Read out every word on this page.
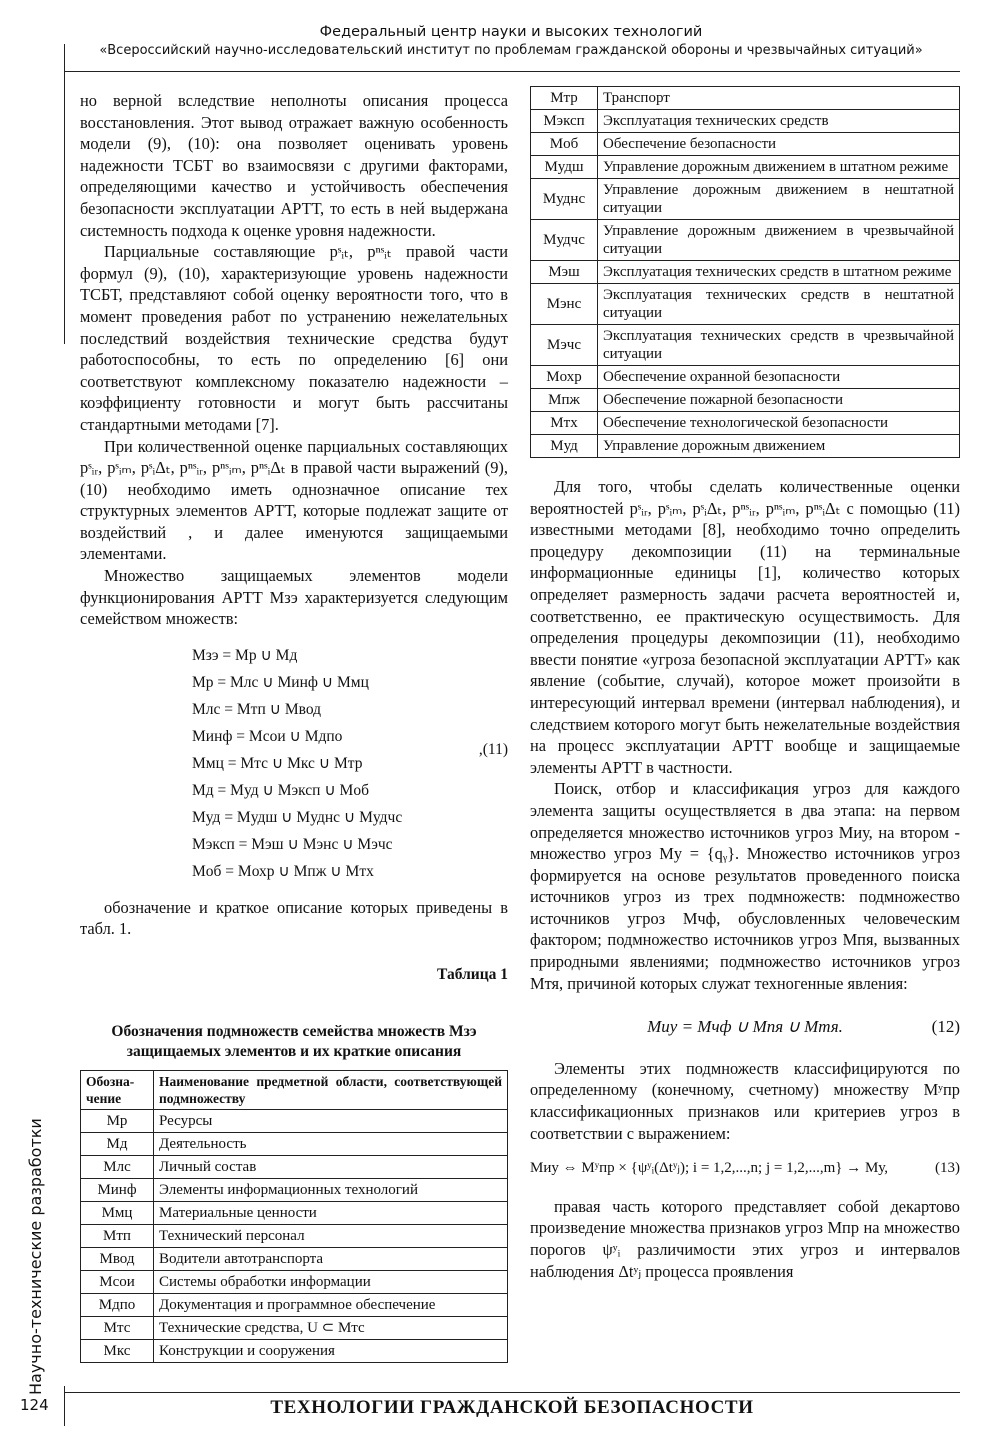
Федеральный центр науки и высоких технологий
«Всероссийский научно-исследовательский институт по проблемам гражданской обороны и чрезвычайных ситуаций»
Научно-технические разработки

но верной вследствие неполноты описания процесса восстановления. Этот вывод отражает важную особенность модели (9), (10): она позволяет оценивать уровень надежности ТСБТ во взаимосвязи с другими факторами, определяющими качество и устойчивость обеспечения безопасности эксплуатации АРТТ, то есть в ней выдержана системность подхода к оценке уровня надежности.

Парциальные составляющие pˢᵢₜ, pⁿˢᵢₜ правой части формул (9), (10), характеризующие уровень надежности ТСБТ, представляют собой оценку вероятности того, что в момент проведения работ по устранению нежелательных последствий воздействия технические средства будут работоспособны, то есть по определению [6] они соответствуют комплексному показателю надежности – коэффициенту готовности и могут быть рассчитаны стандартными методами [7].

При количественной оценке парциальных составляющих pˢᵢᵣ, pˢᵢₘ, pˢᵢΔₜ, pⁿˢᵢᵣ, pⁿˢᵢₘ, pⁿˢᵢΔₜ в правой части выражений (9), (10) необходимо иметь однозначное описание тех структурных элементов АРТТ, которые подлежат защите от воздействий , и далее именуются защищаемыми элементами.

Множество защищаемых элементов модели функционирования АРТТ Mзэ характеризуется следующим семейством множеств:

Mзэ = Mр ∪ Mд
Mр = Mлс ∪ Mинф ∪ Mмц
Mлс = Mтп ∪ Mвод
Mинф = Mсои ∪ Mдпо
Mмц = Mтс ∪ Mкс ∪ Mтр
Mд = Mуд ∪ Mэксп ∪ Mоб
Mуд = Mудш ∪ Mуднс ∪ Mудчс
Mэксп = Mэш ∪ Mэнс ∪ Mэчс
Mоб = Mохр ∪ Mпж ∪ Mтх
,(11)

обозначение и краткое описание которых приведены в табл. 1.

Таблица 1
Обозначения подмножеств семейства множеств Mзэ
защищаемых элементов и их краткие описания
Обозна-чение	Наименование предметной области, соответствующей подмножеству
Mр	Ресурсы
Mд	Деятельность
Mлс	Личный состав
Mинф	Элементы информационных технологий
Mмц	Материальные ценности
Mтп	Технический персонал
Mвод	Водители автотранспорта
Mсои	Системы обработки информации
Mдпо	Документация и программное обеспечение
Mтс	Технические средства, U ⊂ Mтс
Mкс	Конструкции и сооружения
Mтр	Транспорт
Mэксп	Эксплуатация технических средств
Mоб	Обеспечение безопасности
Mудш	Управление дорожным движением в штатном режиме
Mуднс	Управление дорожным движением в нештатной ситуации
Mудчс	Управление дорожным движением в чрезвычайной ситуации
Mэш	Эксплуатация технических средств в штатном режиме
Mэнс	Эксплуатация технических средств в нештатной ситуации
Mэчс	Эксплуатация технических средств в чрезвычайной ситуации
Mохр	Обеспечение охранной безопасности
Mпж	Обеспечение пожарной безопасности
Mтх	Обеспечение технологической безопасности
Mуд	Управление дорожным движением

Для того, чтобы сделать количественные оценки вероятностей pˢᵢᵣ, pˢᵢₘ, pˢᵢΔₜ, pⁿˢᵢᵣ, pⁿˢᵢₘ, pⁿˢᵢΔₜ с помощью (11) известными методами [8], необходимо точно определить процедуру декомпозиции (11) на терминальные информационные единицы [1], количество которых определяет размерность задачи расчета вероятностей и, соответственно, ее практическую осуществимость. Для определения процедуры декомпозиции (11), необходимо ввести понятие «угроза безопасной эксплуатации АРТТ» как явление (событие, случай), которое может произойти в интересующий интервал времени (интервал наблюдения), и следствием которого могут быть нежелательные воздействия на процесс эксплуатации АРТТ вообще и защищаемые элементы АРТТ в частности.

Поиск, отбор и классификация угроз для каждого элемента защиты осуществляется в два этапа: на первом определяется множество источников угроз Mиу, на втором - множество угроз Mу = {qᵧ}. Множество источников угроз формируется на основе результатов проведенного поиска источников угроз из трех подмножеств: подмножество источников угроз Mчф, обусловленных человеческим фактором; подмножество источников угроз Mпя, вызванных природными явлениями; подмножество источников угроз Mтя, причиной которых служат техногенные явления:

Mиу = Mчф ∪ Mпя ∪ Mтя.	(12)

Элементы этих подмножеств классифицируются по определенному (конечному, счетному) множеству Mʸпр классификационных признаков или критериев угроз в соответствии с выражением:

Mиу ⇔ Mʸпр × {ψʸᵢ(Δtʸⱼ); i = 1,2,...,n; j = 1,2,...,m} → Mу,	(13)

правая часть которого представляет собой декартово произведение множества признаков угроз Mпр на множество порогов ψʸᵢ различимости этих угроз и интервалов наблюдения Δtʸⱼ процесса проявления

124	ТЕХНОЛОГИИ ГРАЖДАНСКОЙ БЕЗОПАСНОСТИ
